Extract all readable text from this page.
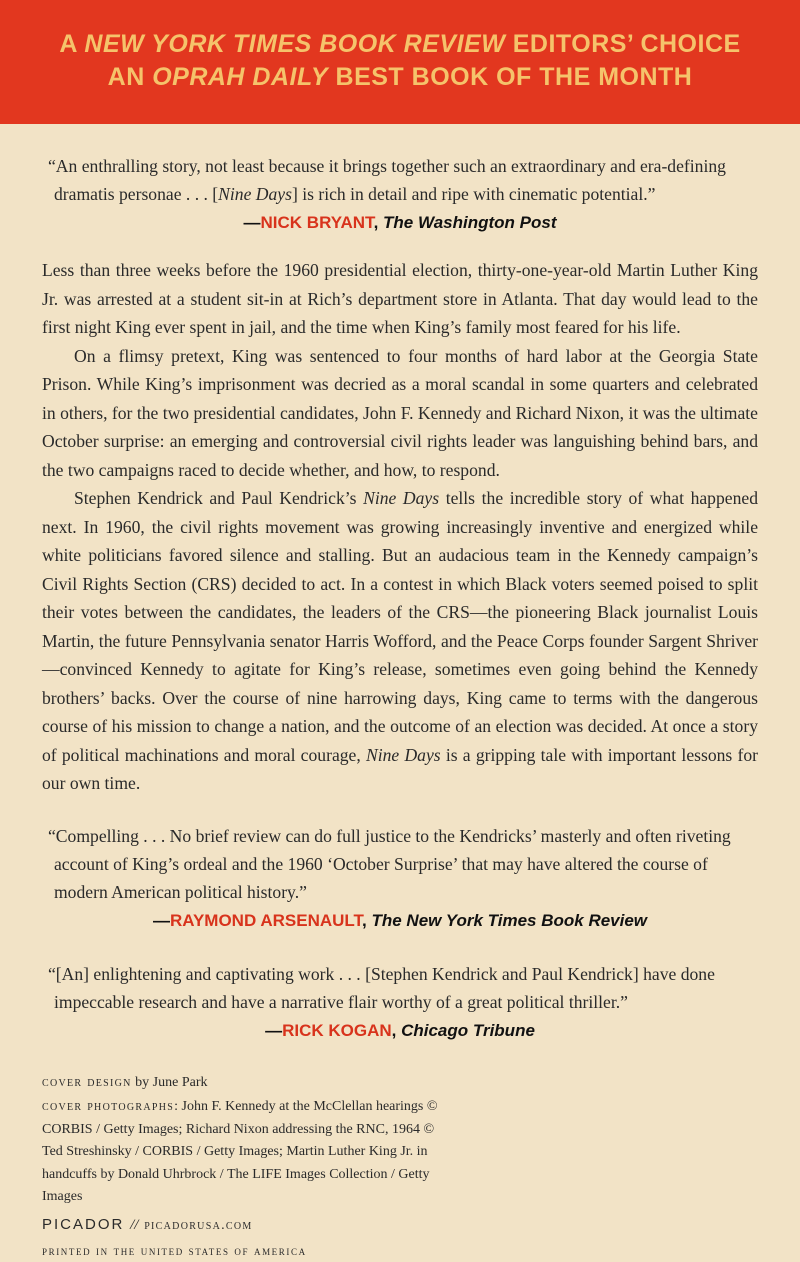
A NEW YORK TIMES BOOK REVIEW EDITORS’ CHOICE
AN OPRAH DAILY BEST BOOK OF THE MONTH
“An enthralling story, not least because it brings together such an extraordinary and era-defining dramatis personae . . . [Nine Days] is rich in detail and ripe with cinematic potential.”
—NICK BRYANT, The Washington Post

Less than three weeks before the 1960 presidential election, thirty-one-year-old Martin Luther King Jr. was arrested at a student sit-in at Rich’s department store in Atlanta. That day would lead to the first night King ever spent in jail, and the time when King’s family most feared for his life.

On a flimsy pretext, King was sentenced to four months of hard labor at the Georgia State Prison. While King’s imprisonment was decried as a moral scandal in some quarters and celebrated in others, for the two presidential candidates, John F. Kennedy and Richard Nixon, it was the ultimate October surprise: an emerging and controversial civil rights leader was languishing behind bars, and the two campaigns raced to decide whether, and how, to respond.

Stephen Kendrick and Paul Kendrick’s Nine Days tells the incredible story of what happened next. In 1960, the civil rights movement was growing increasingly inventive and energized while white politicians favored silence and stalling. But an audacious team in the Kennedy campaign’s Civil Rights Section (CRS) decided to act. In a contest in which Black voters seemed poised to split their votes between the candidates, the leaders of the CRS—the pioneering Black journalist Louis Martin, the future Pennsylvania senator Harris Wofford, and the Peace Corps founder Sargent Shriver—convinced Kennedy to agitate for King’s release, sometimes even going behind the Kennedy brothers’ backs. Over the course of nine harrowing days, King came to terms with the dangerous course of his mission to change a nation, and the outcome of an election was decided. At once a story of political machinations and moral courage, Nine Days is a gripping tale with important lessons for our own time.

“Compelling . . . No brief review can do full justice to the Kendricks’ masterly and often riveting account of King’s ordeal and the 1960 ‘October Surprise’ that may have altered the course of modern American political history.”
—RAYMOND ARSENAULT, The New York Times Book Review
“[An] enlightening and captivating work . . . [Stephen Kendrick and Paul Kendrick] have done impeccable research and have a narrative flair worthy of a great political thriller.”
—RICK KOGAN, Chicago Tribune
cover design by June Park
cover photographs: John F. Kennedy at the McClellan hearings © CORBIS / Getty Images; Richard Nixon addressing the RNC, 1964 © Ted Streshinsky / CORBIS / Getty Images; Martin Luther King Jr. in handcuffs by Donald Uhrbrock / The LIFE Images Collection / Getty Images
PICADOR // picadorusa.com
printed in the united states of america
